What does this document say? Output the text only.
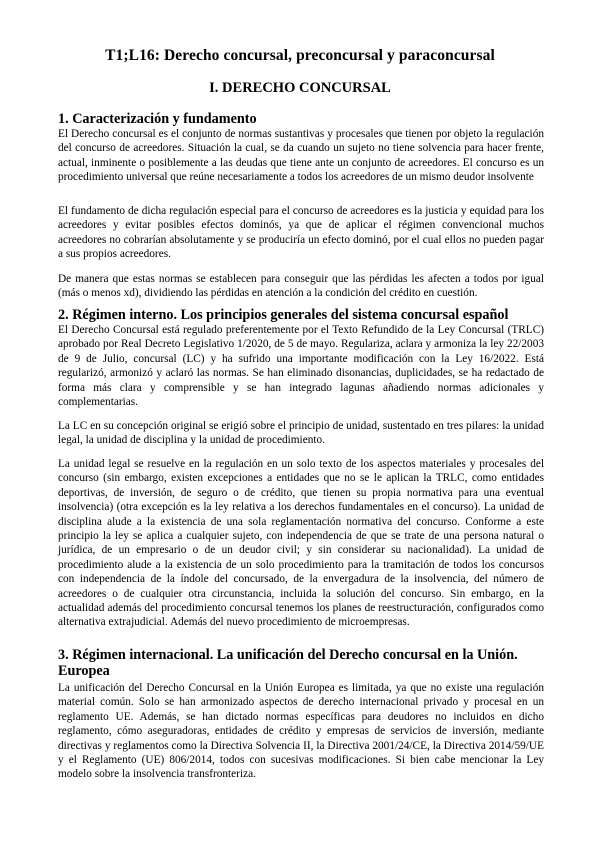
T1;L16: Derecho concursal, preconcursal y paraconcursal
I. DERECHO CONCURSAL
1. Caracterización y fundamento

El Derecho concursal es el conjunto de normas sustantivas y procesales que tienen por objeto la regulación del concurso de acreedores. Situación la cual, se da cuando un sujeto no tiene solvencia para hacer frente, actual, inminente o posiblemente a las deudas que tiene ante un conjunto de acreedores. El concurso es un procedimiento universal que reúne necesariamente a todos los acreedores de un mismo deudor insolvente

El fundamento de dicha regulación especial para el concurso de acreedores es la justicia y equidad para los acreedores y evitar posibles efectos dominós, ya que de aplicar el régimen convencional muchos acreedores no cobrarían absolutamente y se produciría un efecto dominó, por el cual ellos no pueden pagar a sus propios acreedores.

De manera que estas normas se establecen para conseguir que las pérdidas les afecten a todos por igual (más o menos xd), dividiendo las pérdidas en atención a la condición del crédito en cuestión.

2. Régimen interno. Los principios generales del sistema concursal español

El Derecho Concursal está regulado preferentemente por el Texto Refundido de la Ley Concursal (TRLC) aprobado por Real Decreto Legislativo 1/2020, de 5 de mayo. Regulariza, aclara y armoniza la ley 22/2003 de 9 de Julio, concursal (LC) y ha sufrido una importante modificación con la Ley 16/2022. Está regularizó, armonizó y aclaró las normas. Se han eliminado disonancias, duplicidades, se ha redactado de forma más clara y comprensible y se han integrado lagunas añadiendo normas adicionales y complementarias.

La LC en su concepción original se erigió sobre el principio de unidad, sustentado en tres pilares: la unidad legal, la unidad de disciplina y la unidad de procedimiento.

La unidad legal se resuelve en la regulación en un solo texto de los aspectos materiales y procesales del concurso (sin embargo, existen excepciones a entidades que no se le aplican la TRLC, como entidades deportivas, de inversión, de seguro o de crédito, que tienen su propia normativa para una eventual insolvencia) (otra excepción es la ley relativa a los derechos fundamentales en el concurso). La unidad de disciplina alude a la existencia de una sola reglamentación normativa del concurso. Conforme a este principio la ley se aplica a cualquier sujeto, con independencia de que se trate de una persona natural o jurídica, de un empresario o de un deudor civil; y sin considerar su nacionalidad). La unidad de procedimiento alude a la existencia de un solo procedimiento para la tramitación de todos los concursos con independencia de la índole del concursado, de la envergadura de la insolvencia, del número de acreedores o de cualquier otra circunstancia, incluida la solución del concurso. Sin embargo, en la actualidad además del procedimiento concursal tenemos los planes de reestructuración, configurados como alternativa extrajudicial. Además del nuevo procedimiento de microempresas.

3. Régimen internacional. La unificación del Derecho concursal en la Unión. Europea

La unificación del Derecho Concursal en la Unión Europea es limitada, ya que no existe una regulación material común. Solo se han armonizado aspectos de derecho internacional privado y procesal en un reglamento UE. Además, se han dictado normas específicas para deudores no incluidos en dicho reglamento, cómo aseguradoras, entidades de crédito y empresas de servicios de inversión, mediante directivas y reglamentos como la Directiva Solvencia II, la Directiva 2001/24/CE, la Directiva 2014/59/UE y el Reglamento (UE) 806/2014, todos con sucesivas modificaciones. Si bien cabe mencionar la Ley modelo sobre la insolvencia transfronteriza.
